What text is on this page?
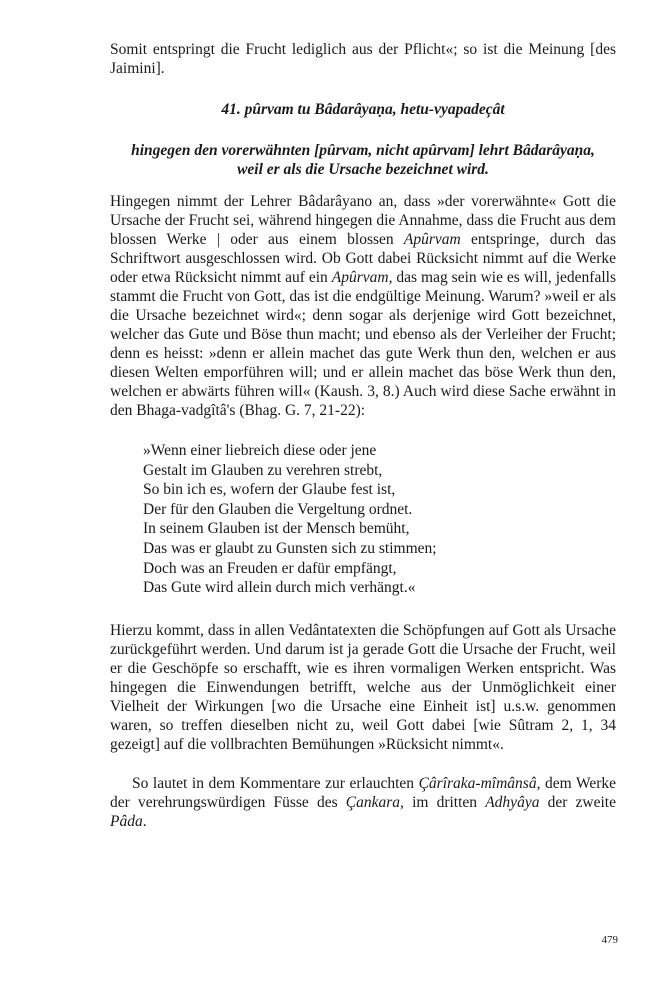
Somit entspringt die Frucht lediglich aus der Pflicht«; so ist die Meinung [des Jaimini].

41. pûrvam tu Bâdarâyaṇa, hetu-vyapadeçât

hingegen den vorerwähnten [pûrvam, nicht apûrvam] lehrt Bâdarâyaṇa,
weil er als die Ursache bezeichnet wird.

Hingegen nimmt der Lehrer Bâdarâyano an, dass »der vorerwähnte« Gott die Ursache der Frucht sei, während hingegen die Annahme, dass die Frucht aus dem blossen Werke | oder aus einem blossen Apûrvam entspringe, durch das Schriftwort ausgeschlossen wird. Ob Gott dabei Rücksicht nimmt auf die Werke oder etwa Rücksicht nimmt auf ein Apûrvam, das mag sein wie es will, jedenfalls stammt die Frucht von Gott, das ist die endgültige Meinung. Warum? »weil er als die Ursache bezeichnet wird«; denn sogar als derjenige wird Gott bezeichnet, welcher das Gute und Böse thun macht; und ebenso als der Verleiher der Frucht; denn es heisst: »denn er allein machet das gute Werk thun den, welchen er aus diesen Welten emporführen will; und er allein machet das böse Werk thun den, welchen er abwärts führen will« (Kaush. 3, 8.) Auch wird diese Sache erwähnt in den Bhaga-vadgîtâ's (Bhag. G. 7, 21-22):

»Wenn einer liebreich diese oder jene
Gestalt im Glauben zu verehren strebt,
So bin ich es, wofern der Glaube fest ist,
Der für den Glauben die Vergeltung ordnet.
In seinem Glauben ist der Mensch bemüht,
Das was er glaubt zu Gunsten sich zu stimmen;
Doch was an Freuden er dafür empfängt,
Das Gute wird allein durch mich verhängt.«

Hierzu kommt, dass in allen Vedântatexten die Schöpfungen auf Gott als Ursache zurückgeführt werden. Und darum ist ja gerade Gott die Ursache der Frucht, weil er die Geschöpfe so erschafft, wie es ihren vormaligen Werken entspricht. Was hingegen die Einwendungen betrifft, welche aus der Unmöglichkeit einer Vielheit der Wirkungen [wo die Ursache eine Einheit ist] u.s.w. genommen waren, so treffen dieselben nicht zu, weil Gott dabei [wie Sûtram 2, 1, 34 gezeigt] auf die vollbrachten Bemühungen »Rücksicht nimmt«.

So lautet in dem Kommentare zur erlauchten Çârîraka-mîmânsâ, dem Werke der verehrungswürdigen Füsse des Çankara, im dritten Adhyâya der zweite Pâda.

479
